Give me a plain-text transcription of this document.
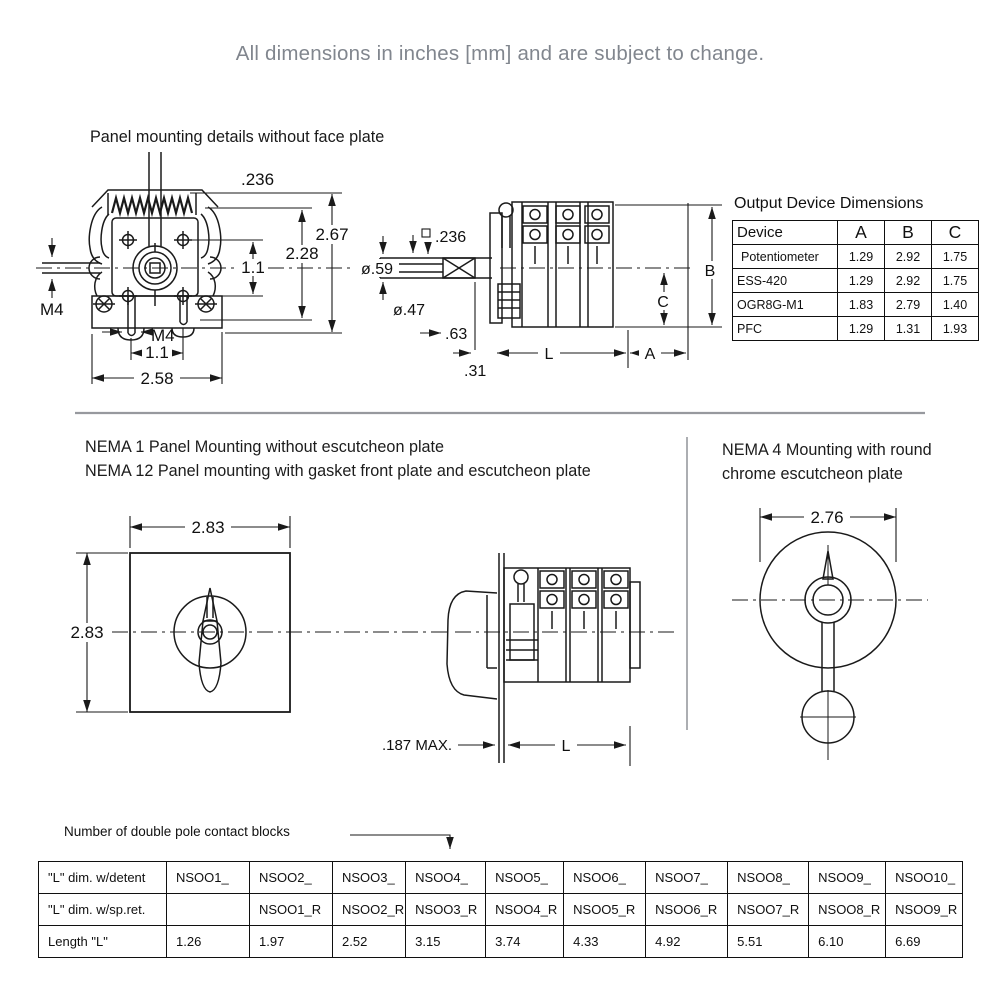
All dimensions in inches [mm] and are subject to change.
Panel mounting details without face plate
2.67
2.28
1.1
.236
M4
M4
1.1
2.58
ø.59
ø.47
.236
.63
.31
L	A
B
C
2.83
2.83
.187 MAX.	L
2.76
Output Device Dimensions
Device	A	B	C
Potentiometer	1.29	2.92	1.75
ESS-420	1.29	2.92	1.75
OGR8G-M1	1.83	2.79	1.40
PFC	1.29	1.31	1.93
NEMA 1 Panel Mounting without escutcheon plate
NEMA 12 Panel mounting with gasket front plate and escutcheon plate
NEMA 4 Mounting with round
chrome escutcheon plate
Number of double pole contact blocks
"L" dim. w/detent	NSOO1_	NSOO2_	NSOO3_	NSOO4_	NSOO5_	NSOO6_	NSOO7_	NSOO8_	NSOO9_	NSOO10_
"L" dim. w/sp.ret.		NSOO1_R	NSOO2_R	NSOO3_R	NSOO4_R	NSOO5_R	NSOO6_R	NSOO7_R	NSOO8_R	NSOO9_R
Length "L"	1.26	1.97	2.52	3.15	3.74	4.33	4.92	5.51	6.10	6.69
